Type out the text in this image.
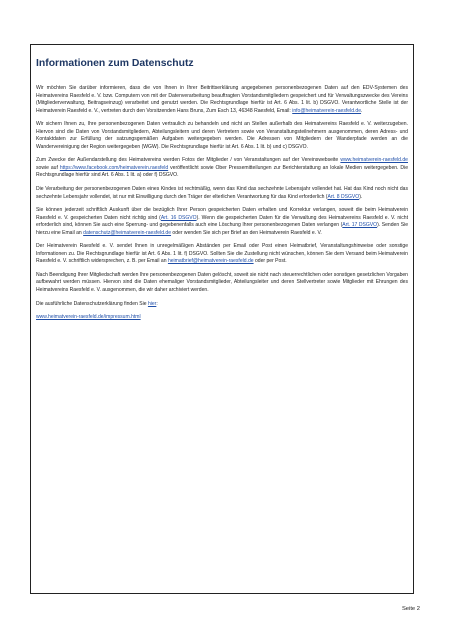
Informationen zum Datenschutz

Wir möchten Sie darüber informieren, dass die von Ihnen in Ihrer Beitrittserklärung angegebenen personenbezogenen Daten auf den EDV-Systemen des Heimatvereins Raesfeld e. V. bzw. Computern von mit der Datenverarbeitung beauftragten Vorstandsmitgliedern gespeichert und für Verwaltungszwecke des Vereins (Mitgliederverwaltung, Beitragseinzug) verarbeitet und genutzt werden. Die Rechtsgrundlage hierfür ist Art. 6 Abs. 1 lit. b) DSGVO. Verantwortliche Stelle ist der Heimatverein Raesfeld e. V., vertreten durch den Vorsitzenden Hans Bruns, Zum Esch 13, 46348 Raesfeld, Email: info@heimatverein-raesfeld.de.

Wir sichern Ihnen zu, Ihre personenbezogenen Daten vertraulich zu behandeln und nicht an Stellen außerhalb des Heimatvereins Raesfeld e. V. weiterzugeben. Hiervon sind die Daten von Vorstandsmitgliedern, Abteilungsleitern und deren Vertretern sowie von Veranstaltungsteilnehmern ausgenommen, deren Adress- und Kontaktdaten zur Erfüllung der satzungsgemäßen Aufgaben weitergegeben werden. Die Adressen von Mitgliedern der Wanderpfade werden an die Wandervereinigung der Region weitergegeben (WGW). Die Rechtsgrundlage hierfür ist Art. 6 Abs. 1 lit. b) und c) DSGVO.

Zum Zwecke der Außendarstellung des Heimatvereins werden Fotos der Mitglieder / von Veranstaltungen auf der Vereinswebseite www.heimatverein-raesfeld.de sowie auf https://www.facebook.com/heimatverein.raesfeld veröffentlicht sowie Ober Pressemitteilungen zur Berichterstattung an lokale Medien weitergegeben. Die Rechtsgrundlage hierfür sind Art. 6 Abs. 1 lit. a) oder f) DSGVO.

Die Verarbeitung der personenbezogenen Daten eines Kindes ist rechtmäßig, wenn das Kind das sechzehnte Lebensjahr vollendet hat. Hat das Kind noch nicht das sechzehnte Lebensjahr vollendet, ist nur mit Einwilligung durch den Träger der elterlichen Verantwortung für das Kind erforderlich (Art. 8 DSGVO).

Sie können jederzeit schriftlich Auskunft über die bezüglich Ihrer Person gespeicherten Daten erhalten und Korrektur verlangen, soweit die beim Heimatverein Raesfeld e. V. gespeicherten Daten nicht richtig sind (Art. 16 DSGVO). Wenn die gespeicherten Daten für die Verwaltung des Heimatvereins Raesfeld e. V. nicht erforderlich sind, können Sie auch eine Sperrung- und gegebenenfalls auch eine Löschung Ihrer personenbezogenen Daten verlangen (Art. 17 DSGVO). Senden Sie hierzu eine Email an datenschutz@heimatverein-raesfeld.de oder wenden Sie sich per Brief an den Heimatverein Raesfeld e. V.

Der Heimatverein Raesfeld e. V. sendet Ihnen in unregelmäßigen Abständen per Email oder Post einen Heimatbrief, Veranstaltungshinweise oder sonstige Informationen zu. Die Rechtsgrundlage hierfür ist Art. 6 Abs. 1 lit. f) DSGVO. Sollten Sie die Zustellung nicht wünschen, können Sie dem Versand beim Heimatverein Raesfeld e. V. schriftlich widersprechen, z. B. per Email an heimatbrief@heimatverein-raesfeld.de oder per Post.

Nach Beendigung Ihrer Mitgliedschaft werden Ihre personenbezogenen Daten gelöscht, soweit sie nicht nach steuerrechtlichen oder sonstigen gesetzlichen Vorgaben aufbewahrt werden müssen. Hiervon sind die Daten ehemaliger Vorstandsmitglieder, Abteilungsleiter und deren Stellvertreter sowie Mitglieder mit Ehrungen des Heimatvereins Raesfeld e. V. ausgenommen, die wir daher archiviert werden.

Die ausführliche Datenschutzerklärung finden Sie hier:

www.heimatverein-raesfeld.de/impressum.html

Seite 2
